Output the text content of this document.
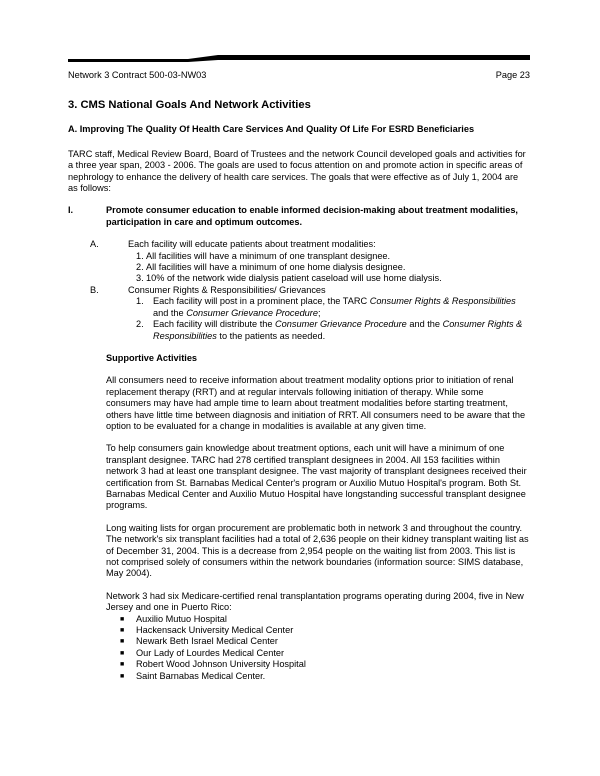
Network 3 Contract 500-03-NW03	Page 23
3. CMS National Goals And Network Activities
A. Improving The Quality Of Health Care Services And Quality Of Life For ESRD Beneficiaries

TARC staff, Medical Review Board, Board of Trustees and the network Council developed goals and activities for a three year span, 2003 - 2006. The goals are used to focus attention on and promote action in specific areas of nephrology to enhance the delivery of health care services. The goals that were effective as of July 1, 2004 are as follows:

I.	Promote consumer education to enable informed decision-making about treatment modalities, participation in care and optimum outcomes.
A.	Each facility will educate patients about treatment modalities:
1. All facilities will have a minimum of one transplant designee.
2. All facilities will have a minimum of one home dialysis designee.
3. 10% of the network wide dialysis patient caseload will use home dialysis.
B.	Consumer Rights & Responsibilities/ Grievances
1.	Each facility will post in a prominent place, the TARC Consumer Rights & Responsibilities and the Consumer Grievance Procedure;
2.	Each facility will distribute the Consumer Grievance Procedure and the Consumer Rights & Responsibilities to the patients as needed.
Supportive Activities

All consumers need to receive information about treatment modality options prior to initiation of renal replacement therapy (RRT) and at regular intervals following initiation of therapy. While some consumers may have had ample time to learn about treatment modalities before starting treatment, others have little time between diagnosis and initiation of RRT. All consumers need to be aware that the option to be evaluated for a change in modalities is available at any given time.

To help consumers gain knowledge about treatment options, each unit will have a minimum of one transplant designee. TARC had 278 certified transplant designees in 2004. All 153 facilities within network 3 had at least one transplant designee. The vast majority of transplant designees received their certification from St. Barnabas Medical Center's program or Auxilio Mutuo Hospital's program. Both St. Barnabas Medical Center and Auxilio Mutuo Hospital have longstanding successful transplant designee programs.

Long waiting lists for organ procurement are problematic both in network 3 and throughout the country. The network's six transplant facilities had a total of 2,636 people on their kidney transplant waiting list as of December 31, 2004. This is a decrease from 2,954 people on the waiting list from 2003. This list is not comprised solely of consumers within the network boundaries (information source: SIMS database, May 2004).

Network 3 had six Medicare-certified renal transplantation programs operating during 2004, five in New Jersey and one in Puerto Rico:
■	Auxilio Mutuo Hospital
■	Hackensack University Medical Center
■	Newark Beth Israel Medical Center
■	Our Lady of Lourdes Medical Center
■	Robert Wood Johnson University Hospital
■	Saint Barnabas Medical Center.
